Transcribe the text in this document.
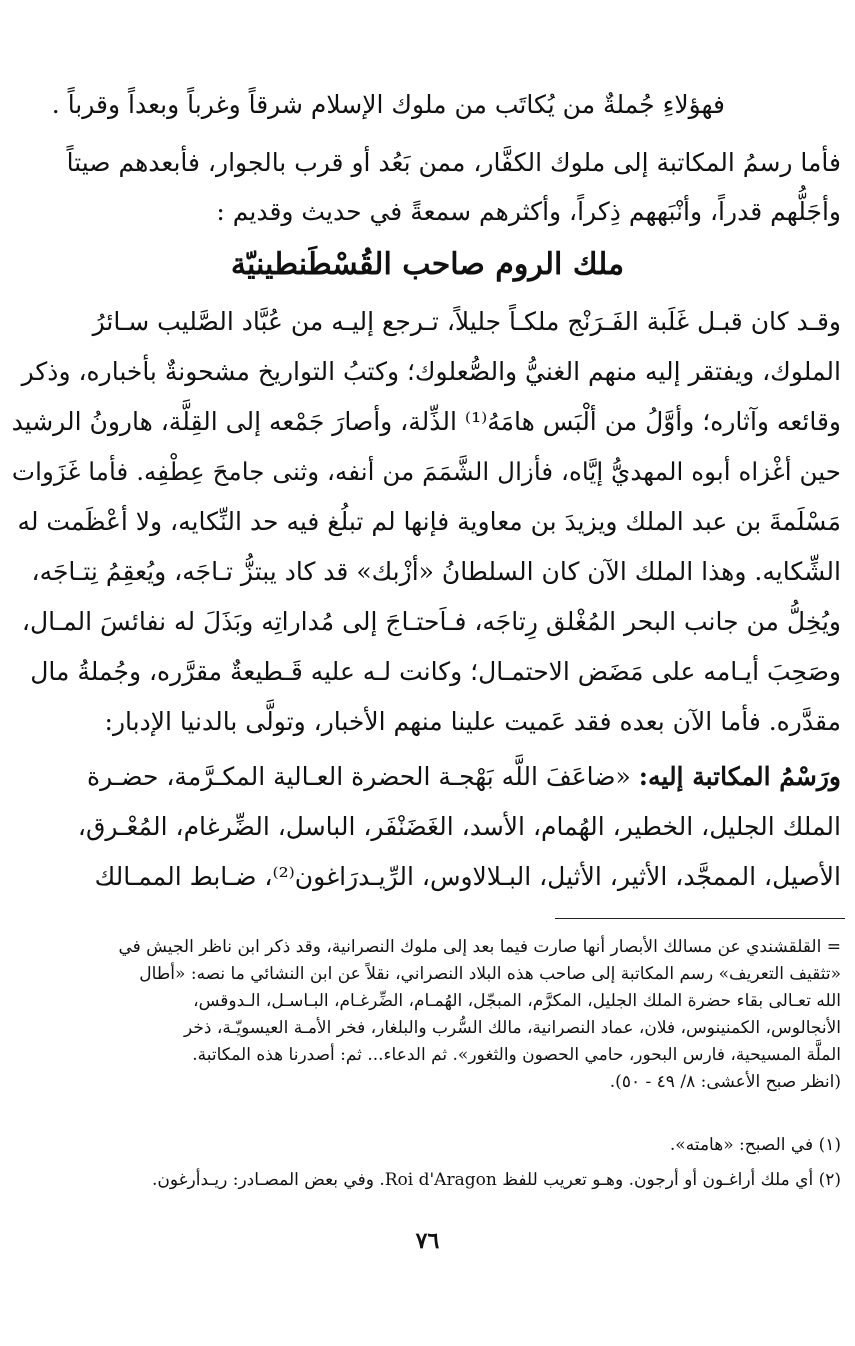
فهؤلاءِ جُملةٌ من يُكاتَب من ملوك الإسلام شرقاً وغرباً وبعداً وقرباً .
فأما رسمُ المكاتبة إلى ملوك الكفَّار، ممن بَعُد أو قرب بالجوار، فأبعدهم صيتاً
وأجَلُّهم قدراً، وأنْبَههم ذِكراً، وأكثرهم سمعةً في حديث وقديم :
ملك الروم صاحب القُسْطَنطينيّة
وقـد كان قبـل غَلَبة الفَـرَنْج ملكـاً جليلاً، تـرجع إليـه من عُبَّاد الصَّليب سـائرُ
الملوك، ويفتقر إليه منهم الغنيُّ والصُّعلوك؛ وكتبُ التواريخ مشحونةٌ بأخباره، وذكر
وقائعه وآثاره؛ وأوَّلُ من ألْبَس هامَهُ⁽¹⁾ الذِّلة، وأصارَ جَمْعه إلى القِلَّة، هارونُ الرشيد
حين أغْزاه أبوه المهديُّ إيَّاه، فأزال الشَّمَمَ من أنفه، وثنى جامحَ عِطْفِه. فأما غَزَوات
مَسْلَمةَ بن عبد الملك ويزيدَ بن معاوية فإنها لم تبلُغ فيه حد النِّكايه، ولا أعْظَمت له
الشِّكايه. وهذا الملك الآن كان السلطانُ «أزْبك» قد كاد يبتزُّ تـاجَه، ويُعقِمُ نِتـاجَه،
ويُخِلُّ من جانب البحر المُغْلق رِتاجَه، فـاَحتـاجَ إلى مُداراتِه وبَذَلَ له نفائسَ المـال،
وصَحِبَ أيـامه على مَضَض الاحتمـال؛ وكانت لـه عليه قَـطيعةٌ مقرَّره، وجُملةُ مال
مقدَّره. فأما الآن بعده فقد عَميت علينا منهم الأخبار، وتولَّى بالدنيا الإدبار:
ورَسْمُ المكاتبة إليه: «ضاعَفَ اللَّه بَهْجـة الحضرة العـالية المكـرَّمة، حضـرة
الملك الجليل، الخطير، الهُمام، الأسد، الغَضَنْفَر، الباسل، الضِّرغام، المُعْـرق،
الأصيل، الممجَّد، الأثير، الأثيل، البـلالاوس، الرِّيـدرَاغون⁽²⁾، ضـابط الممـالك
= القلقشندي عن مسالك الأبصار أنها صارت فيما بعد إلى ملوك النصرانية، وقد ذكر ابن ناظر الجيش في
«تثقيف التعريف» رسم المكاتبة إلى صاحب هذه البلاد النصراني، نقلاً عن ابن النشائي ما نصه: «أطال
الله تعـالى بقاء حضرة الملك الجليل، المكرَّم، المبجّل، الهُمـام، الضِّرغـام، البـاسـل، الـدوقس،
الأنجالوس، الكمنينوس، فلان، عماد النصرانية، مالك السُّرب والبلغار، فخر الأمـة العيسويّـة، ذخر
الملَّة المسيحية، فارس البحور، حامي الحصون والثغور». ثم الدعاء... ثم: أصدرنا هذه المكاتبة.
(انظر صبح الأعشى: ٨/ ٤٩ - ٥٠).
(١) في الصبح: «هامته».
(٢) أي ملك أراغـون أو أرجون. وهـو تعريب للفظ Roi d'Aragon. وفي بعض المصـادر: ريـدأرغون.
٧٦
